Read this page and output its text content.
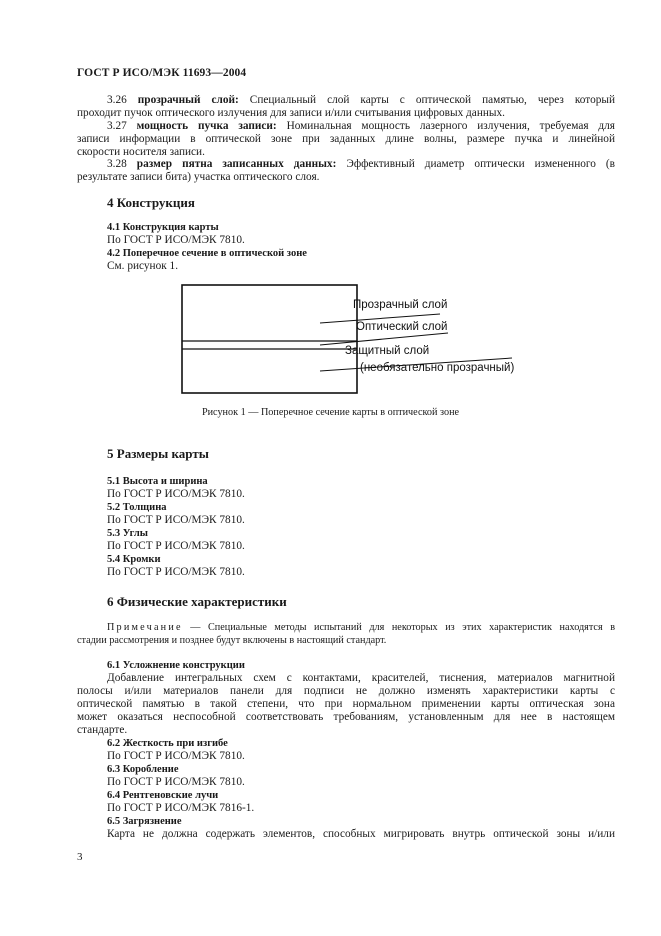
ГОСТ Р ИСО/МЭК 11693—2004
3.26 прозрачный слой: Специальный слой карты с оптической памятью, через который
проходит пучок оптического излучения для записи и/или считывания цифровых данных.
3.27 мощность пучка записи: Номинальная мощность лазерного излучения, требуемая для
записи информации в оптической зоне при заданных длине волны, размере пучка и линейной
скорости носителя записи.
3.28 размер пятна записанных данных: Эффективный диаметр оптически измененного (в
результате записи бита) участка оптического слоя.
4 Конструкция
4.1 Конструкция карты
По ГОСТ Р ИСО/МЭК 7810.
4.2 Поперечное сечение в оптической зоне
См. рисунок 1.
Прозрачный слой
Оптический слой
Защитный слой
(необязательно прозрачный)
Рисунок 1 — Поперечное сечение карты в оптической зоне
5 Размеры карты
5.1 Высота и ширина
По ГОСТ Р ИСО/МЭК 7810.
5.2 Толщина
По ГОСТ Р ИСО/МЭК 7810.
5.3 Углы
По ГОСТ Р ИСО/МЭК 7810.
5.4 Кромки
По ГОСТ Р ИСО/МЭК 7810.
6 Физические характеристики
Примечание — Специальные методы испытаний для некоторых из этих характеристик находятся в
стадии рассмотрения и позднее будут включены в настоящий стандарт.
6.1 Усложнение конструкции
Добавление интегральных схем с контактами, красителей, тиснения, материалов магнитной
полосы и/или материалов панели для подписи не должно изменять характеристики карты с
оптической памятью в такой степени, что при нормальном применении карты оптическая зона
может оказаться неспособной соответствовать требованиям, установленным для нее в настоящем
стандарте.
6.2 Жесткость при изгибе
По ГОСТ Р ИСО/МЭК 7810.
6.3 Коробление
По ГОСТ Р ИСО/МЭК 7810.
6.4 Рентгеновские лучи
По ГОСТ Р ИСО/МЭК 7816-1.
6.5 Загрязнение
Карта не должна содержать элементов, способных мигрировать внутрь оптической зоны и/или
3
